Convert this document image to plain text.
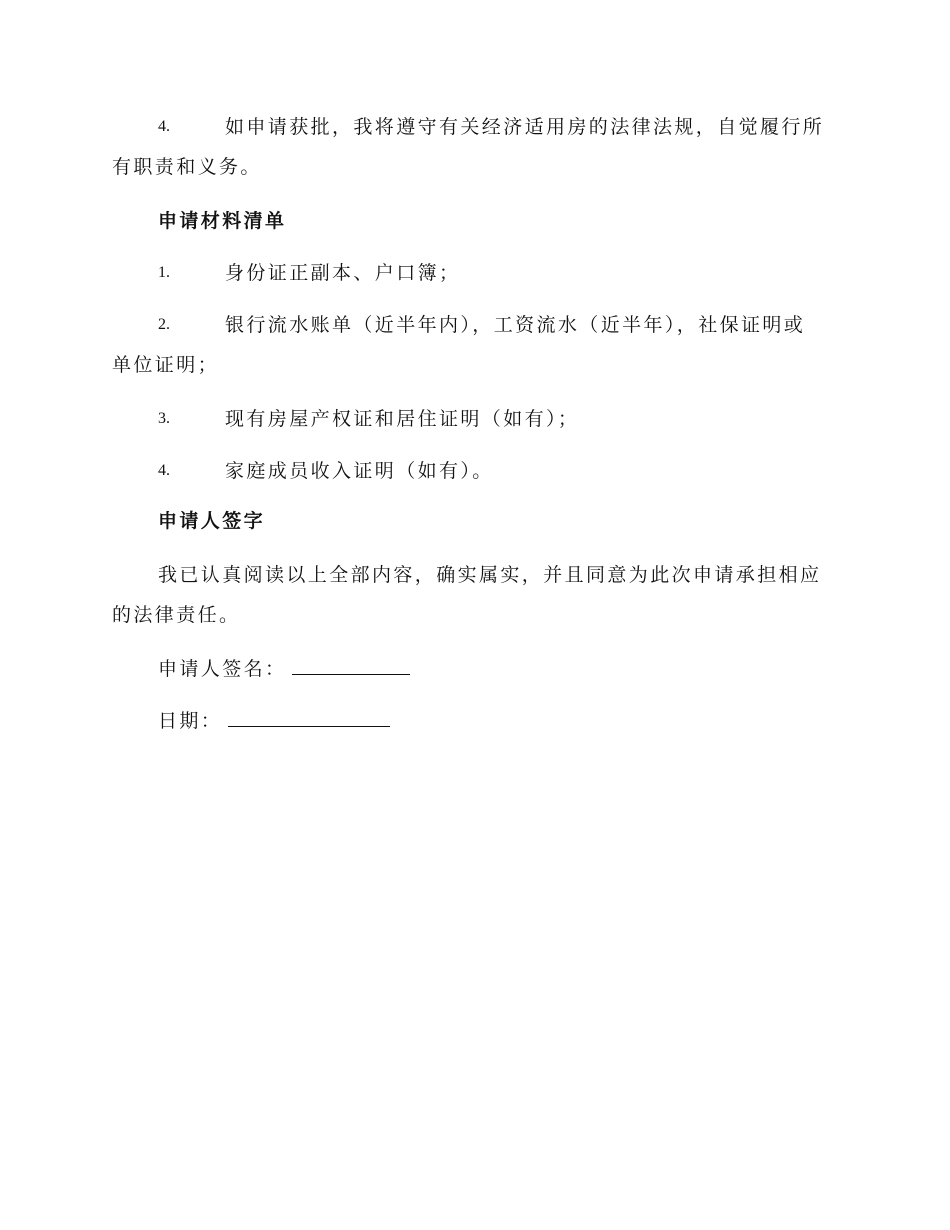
4.	如申请获批，我将遵守有关经济适用房的法律法规，自觉履行所
有职责和义务。
申请材料清单
1.	身份证正副本、户口簿；
2.	银行流水账单（近半年内），工资流水（近半年），社保证明或
单位证明；
3.	现有房屋产权证和居住证明（如有）；
4.	家庭成员收入证明（如有）。
申请人签字
我已认真阅读以上全部内容，确实属实，并且同意为此次申请承担相应
的法律责任。
申请人签名：
日期：
